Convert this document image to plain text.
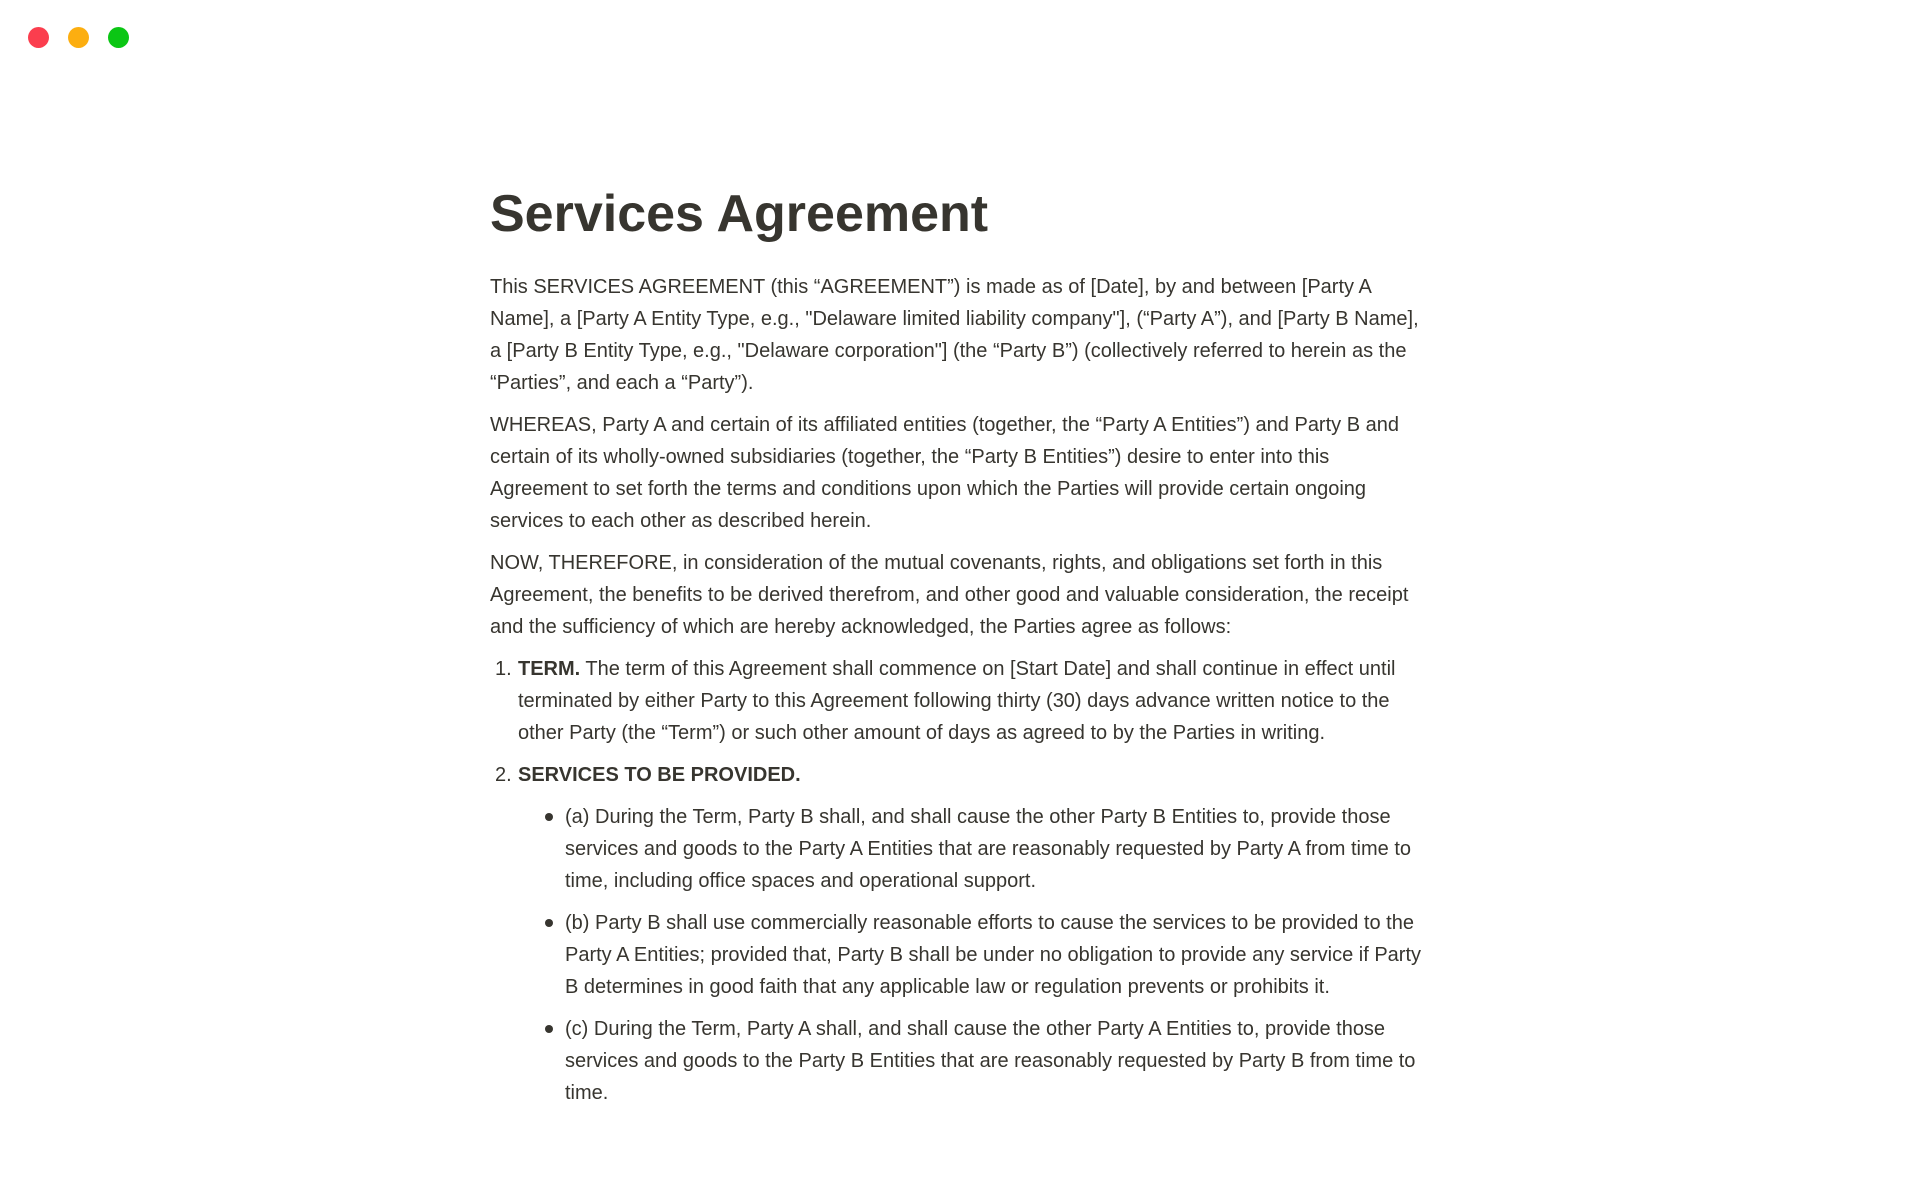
Services Agreement

This SERVICES AGREEMENT (this “AGREEMENT”) is made as of [Date], by and between [Party A Name], a [Party A Entity Type, e.g., "Delaware limited liability company"], (“Party A”), and [Party B Name], a [Party B Entity Type, e.g., "Delaware corporation"] (the “Party B”) (collectively referred to herein as the “Parties”, and each a “Party”).

WHEREAS, Party A and certain of its affiliated entities (together, the “Party A Entities”) and Party B and certain of its wholly-owned subsidiaries (together, the “Party B Entities”) desire to enter into this Agreement to set forth the terms and conditions upon which the Parties will provide certain ongoing services to each other as described herein.

NOW, THEREFORE, in consideration of the mutual covenants, rights, and obligations set forth in this Agreement, the benefits to be derived therefrom, and other good and valuable consideration, the receipt and the sufficiency of which are hereby acknowledged, the Parties agree as follows:

1. TERM. The term of this Agreement shall commence on [Start Date] and shall continue in effect until terminated by either Party to this Agreement following thirty (30) days advance written notice to the other Party (the “Term”) or such other amount of days as agreed to by the Parties in writing.
2. SERVICES TO BE PROVIDED.
(a) During the Term, Party B shall, and shall cause the other Party B Entities to, provide those services and goods to the Party A Entities that are reasonably requested by Party A from time to time, including office spaces and operational support.
(b) Party B shall use commercially reasonable efforts to cause the services to be provided to the Party A Entities; provided that, Party B shall be under no obligation to provide any service if Party B determines in good faith that any applicable law or regulation prevents or prohibits it.
(c) During the Term, Party A shall, and shall cause the other Party A Entities to, provide those services and goods to the Party B Entities that are reasonably requested by Party B from time to time.
